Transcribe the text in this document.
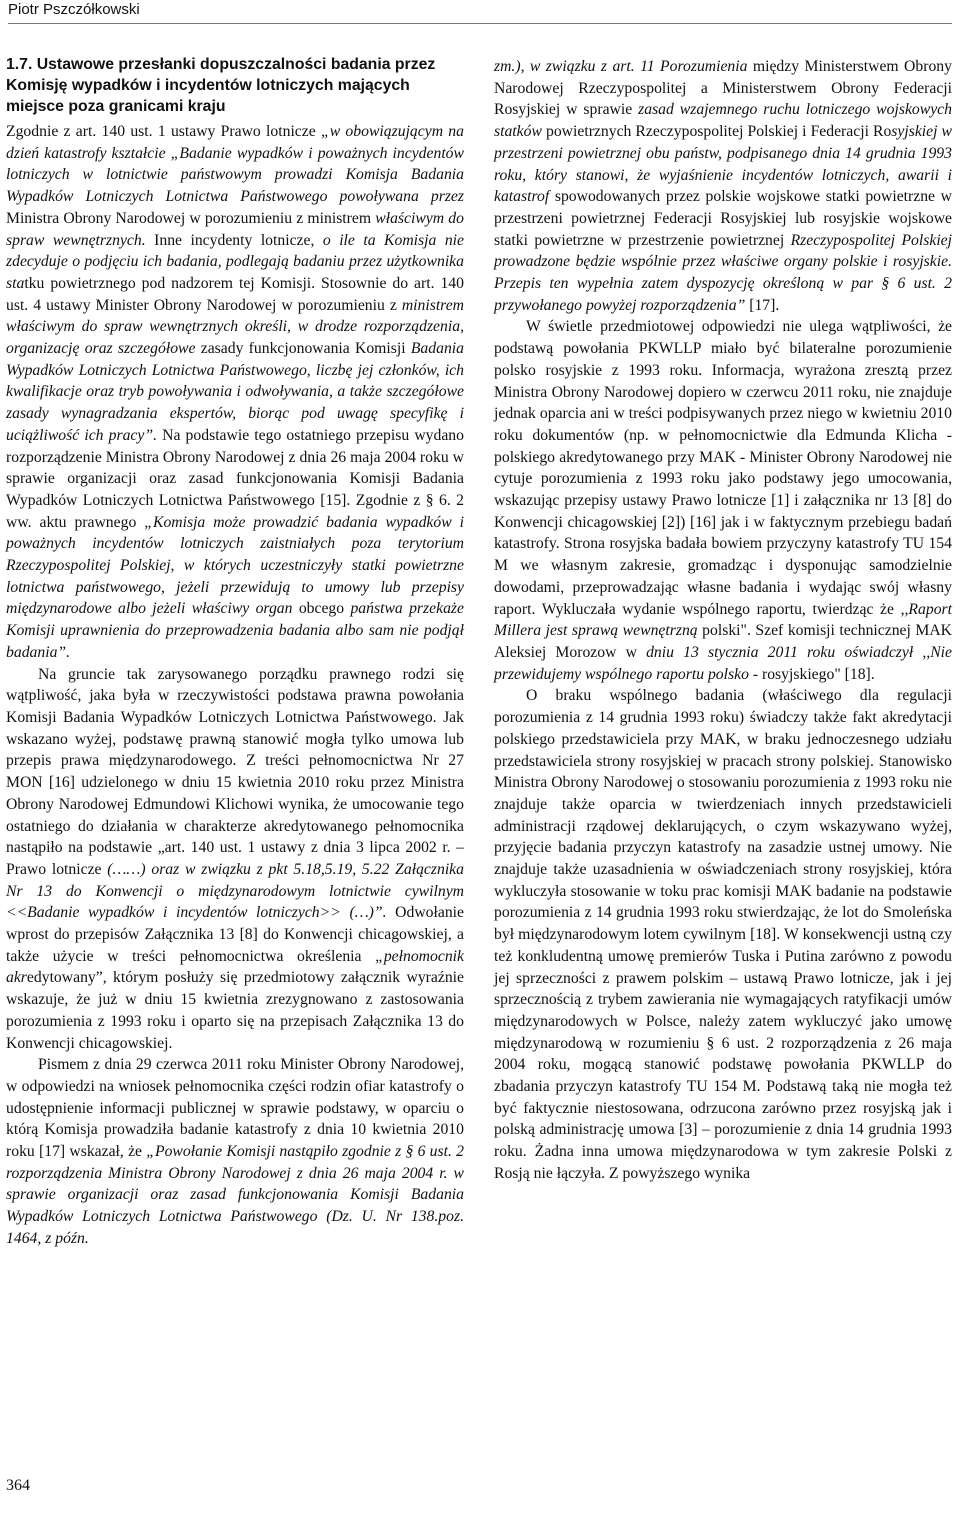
Piotr Pszczółkowski

1.7. Ustawowe przesłanki dopuszczalności badania przez Komisję wypadków i incydentów lotniczych mających miejsce poza granicami kraju

Zgodnie z art. 140 ust. 1 ustawy Prawo lotnicze „w obowiązującym na dzień katastrofy kształcie „Badanie wypadków i poważnych incydentów lotniczych w lotnictwie państwowym prowadzi Komisja Badania Wypadków Lotniczych Lotnictwa Państwowego powoływana przez Ministra Obrony Narodowej w porozumieniu z ministrem właściwym do spraw wewnętrznych. Inne incydenty lotnicze, o ile ta Komisja nie zdecyduje o podjęciu ich badania, podlegają badaniu przez użytkownika statku powietrznego pod nadzorem tej Komisji. Stosownie do art. 140 ust. 4 ustawy Minister Obrony Narodowej w porozumieniu z ministrem właściwym do spraw wewnętrznych określi, w drodze rozporządzenia, organizację oraz szczegółowe zasady funkcjonowania Komisji Badania Wypadków Lotniczych Lotnictwa Państwowego, liczbę jej członków, ich kwalifikacje oraz tryb powoływania i odwoływania, a także szczegółowe zasady wynagradzania ekspertów, biorąc pod uwagę specyfikę i uciążliwość ich pracy”. Na podstawie tego ostatniego przepisu wydano rozporządzenie Ministra Obrony Narodowej z dnia 26 maja 2004 roku w sprawie organizacji oraz zasad funkcjonowania Komisji Badania Wypadków Lotniczych Lotnictwa Państwowego [15]. Zgodnie z § 6. 2 ww. aktu prawnego „Komisja może prowadzić badania wypadków i poważnych incydentów lotniczych zaistniałych poza terytorium Rzeczypospolitej Polskiej, w których uczestniczyły statki powietrzne lotnictwa państwowego, jeżeli przewidują to umowy lub przepisy międzynarodowe albo jeżeli właściwy organ obcego państwa przekaże Komisji uprawnienia do przeprowadzenia badania albo sam nie podjął badania”.

Na gruncie tak zarysowanego porządku prawnego rodzi się wątpliwość, jaka była w rzeczywistości podstawa prawna powołania Komisji Badania Wypadków Lotniczych Lotnictwa Państwowego. Jak wskazano wyżej, podstawę prawną stanowić mogła tylko umowa lub przepis prawa międzynarodowego. Z treści pełnomocnictwa Nr 27 MON [16] udzielonego w dniu 15 kwietnia 2010 roku przez Ministra Obrony Narodowej Edmundowi Klichowi wynika, że umocowanie tego ostatniego do działania w charakterze akredytowanego pełnomocnika nastąpiło na podstawie „art. 140 ust. 1 ustawy z dnia 3 lipca 2002 r. – Prawo lotnicze (……) oraz w związku z pkt 5.18,5.19, 5.22 Załącznika Nr 13 do Konwencji o międzynarodowym lotnictwie cywilnym <<Badanie wypadków i incydentów lotniczych>> (…)”. Odwołanie wprost do przepisów Załącznika 13 [8] do Konwencji chicagowskiej, a także użycie w treści pełnomocnictwa określenia „pełnomocnik akredytowany”, którym posłuży się przedmiotowy załącznik wyraźnie wskazuje, że już w dniu 15 kwietnia zrezygnowano z zastosowania porozumienia z 1993 roku i oparto się na przepisach Załącznika 13 do Konwencji chicagowskiej.

Pismem z dnia 29 czerwca 2011 roku Minister Obrony Narodowej, w odpowiedzi na wniosek pełnomocnika części rodzin ofiar katastrofy o udostępnienie informacji publicznej w sprawie podstawy, w oparciu o którą Komisja prowadziła badanie katastrofy z dnia 10 kwietnia 2010 roku [17] wskazał, że „Powołanie Komisji nastąpiło zgodnie z § 6 ust. 2 rozporządzenia Ministra Obrony Narodowej z dnia 26 maja 2004 r. w sprawie organizacji oraz zasad funkcjonowania Komisji Badania Wypadków Lotniczych Lotnictwa Państwowego (Dz. U. Nr 138.poz. 1464, z późn.

zm.), w związku z art. 11 Porozumienia między Ministerstwem Obrony Narodowej Rzeczypospolitej a Ministerstwem Obrony Federacji Rosyjskiej w sprawie zasad wzajemnego ruchu lotniczego wojskowych statków powietrznych Rzeczypospolitej Polskiej i Federacji Rosyjskiej w przestrzeni powietrznej obu państw, podpisanego dnia 14 grudnia 1993 roku, który stanowi, że wyjaśnienie incydentów lotniczych, awarii i katastrof spowodowanych przez polskie wojskowe statki powietrzne w przestrzeni powietrznej Federacji Rosyjskiej lub rosyjskie wojskowe statki powietrzne w przestrzenie powietrznej Rzeczypospolitej Polskiej prowadzone będzie wspólnie przez właściwe organy polskie i rosyjskie. Przepis ten wypełnia zatem dyspozycję określoną w par § 6 ust. 2 przywołanego powyżej rozporządzenia” [17].

W świetle przedmiotowej odpowiedzi nie ulega wątpliwości, że podstawą powołania PKWLLP miało być bilateralne porozumienie polsko rosyjskie z 1993 roku. Informacja, wyrażona zresztą przez Ministra Obrony Narodowej dopiero w czerwcu 2011 roku, nie znajduje jednak oparcia ani w treści podpisywanych przez niego w kwietniu 2010 roku dokumentów (np. w pełnomocnictwie dla Edmunda Klicha - polskiego akredytowanego przy MAK - Minister Obrony Narodowej nie cytuje porozumienia z 1993 roku jako podstawy jego umocowania, wskazując przepisy ustawy Prawo lotnicze [1] i załącznika nr 13 [8] do Konwencji chicagowskiej [2]) [16] jak i w faktycznym przebiegu badań katastrofy. Strona rosyjska badała bowiem przyczyny katastrofy TU 154 M we własnym zakresie, gromadząc i dysponując samodzielnie dowodami, przeprowadzając własne badania i wydając swój własny raport. Wykluczała wydanie wspólnego raportu, twierdząc że ,,Raport Millera jest sprawą wewnętrzną polski". Szef komisji technicznej MAK Aleksiej Morozow w dniu 13 stycznia 2011 roku oświadczył ,,Nie przewidujemy wspólnego raportu polsko - rosyjskiego" [18].

O braku wspólnego badania (właściwego dla regulacji porozumienia z 14 grudnia 1993 roku) świadczy także fakt akredytacji polskiego przedstawiciela przy MAK, w braku jednoczesnego udziału przedstawiciela strony rosyjskiej w pracach strony polskiej. Stanowisko Ministra Obrony Narodowej o stosowaniu porozumienia z 1993 roku nie znajduje także oparcia w twierdzeniach innych przedstawicieli administracji rządowej deklarujących, o czym wskazywano wyżej, przyjęcie badania przyczyn katastrofy na zasadzie ustnej umowy. Nie znajduje także uzasadnienia w oświadczeniach strony rosyjskiej, która wykluczyła stosowanie w toku prac komisji MAK badanie na podstawie porozumienia z 14 grudnia 1993 roku stwierdzając, że lot do Smoleńska był międzynarodowym lotem cywilnym [18]. W konsekwencji ustną czy też konkludentną umowę premierów Tuska i Putina zarówno z powodu jej sprzeczności z prawem polskim – ustawą Prawo lotnicze, jak i jej sprzecznością z trybem zawierania nie wymagających ratyfikacji umów międzynarodowych w Polsce, należy zatem wykluczyć jako umowę międzynarodową w rozumieniu § 6 ust. 2 rozporządzenia z 26 maja 2004 roku, mogącą stanowić podstawę powołania PKWLLP do zbadania przyczyn katastrofy TU 154 M. Podstawą taką nie mogła też być faktycznie niestosowana, odrzucona zarówno przez rosyjską jak i polską administrację umowa [3] – porozumienie z dnia 14 grudnia 1993 roku. Żadna inna umowa międzynarodowa w tym zakresie Polski z Rosją nie łączyła. Z powyższego wynika

364
